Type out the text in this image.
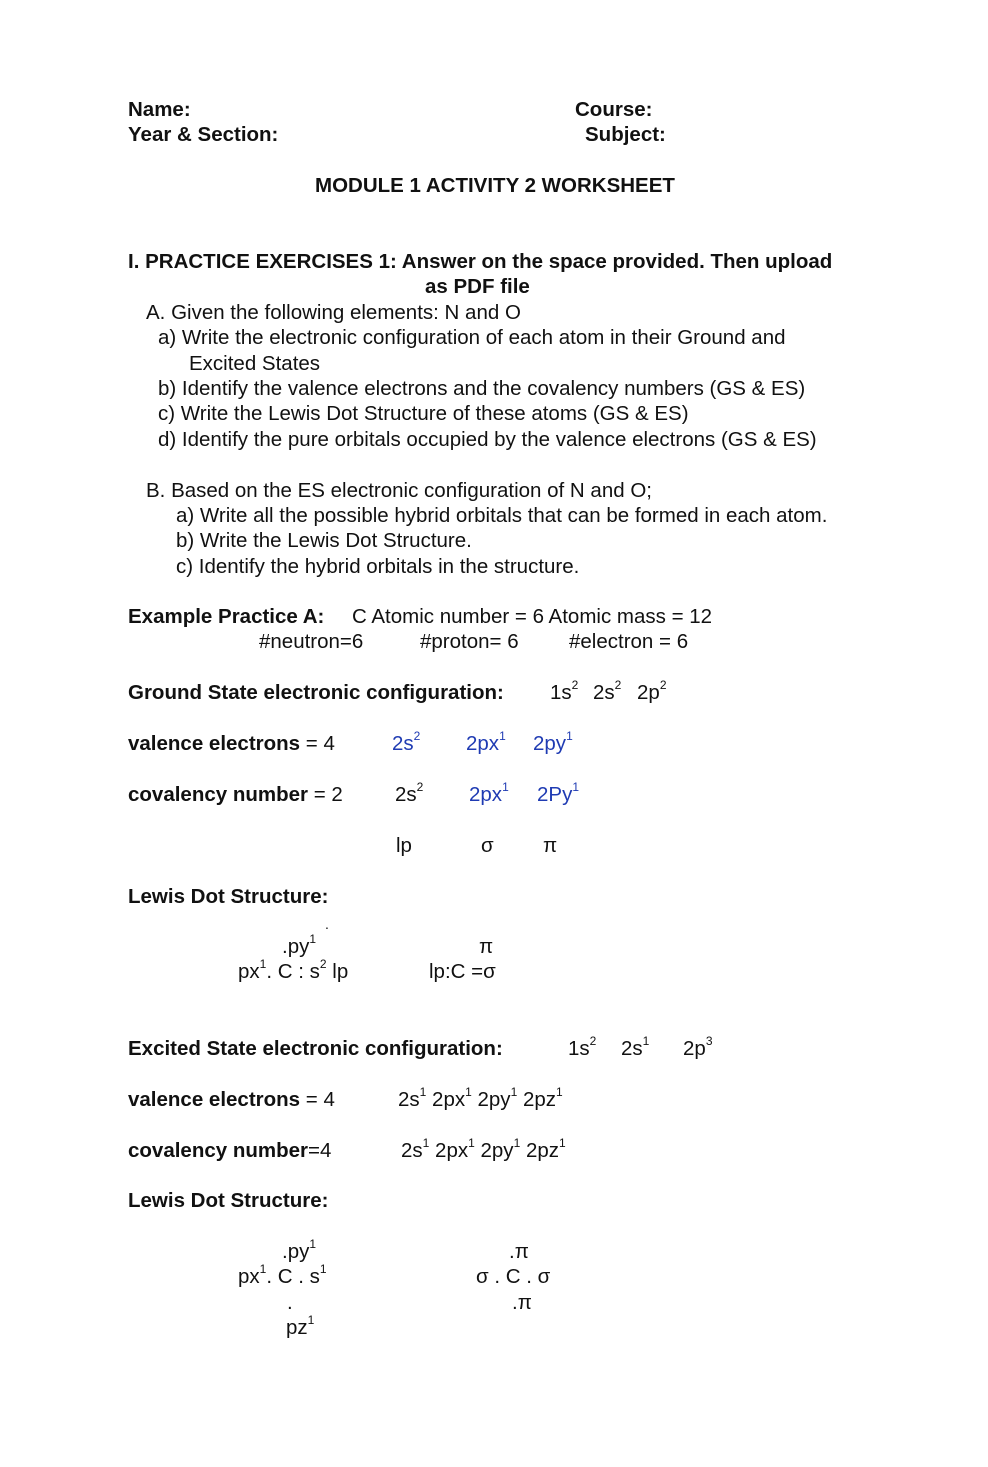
Name:	Course:
Year & Section:	Subject:
MODULE 1 ACTIVITY 2 WORKSHEET
I. PRACTICE EXERCISES 1: Answer on the space provided. Then upload
as PDF file
A. Given the following elements: N and O
a) Write the electronic configuration of each atom in their Ground and
Excited States
b) Identify the valence electrons and the covalency numbers (GS & ES)
c) Write the Lewis Dot Structure of these atoms (GS & ES)
d) Identify the pure orbitals occupied by the valence electrons (GS & ES)
B. Based on the ES electronic configuration of N and O;
a) Write all the possible hybrid orbitals that can be formed in each atom.
b) Write the Lewis Dot Structure.
c) Identify the hybrid orbitals in the structure.
Example Practice A: C Atomic number = 6 Atomic mass = 12
#neutron=6	#proton= 6 #electron = 6
Ground State electronic configuration: $1s^2$ $2s^2$ $2p^2$
valence electrons = 4	$2s^2$ $2px^1$ $2py^1$
covalency number = 2	$2s^2$ $2px^1$ 2Py$^1$
lp	σ π
Lewis Dot Structure:
.
$.py^1$
$px^1$. C : $s^2$ lp
π
lp:C =σ
Excited State electronic configuration:	$1s^2$ $2s^1$ $2p^3$
valence electrons = 4	$2s^1$ $2px^1$ $2py^1$ $2pz^1$
covalency number=4	$2s^1$ $2px^1$ $2py^1$ $2pz^1$
Lewis Dot Structure:
$.py^1$
$px^1$. C . $s^1$
.
$pz^1$
.π
σ . C . σ
.π
